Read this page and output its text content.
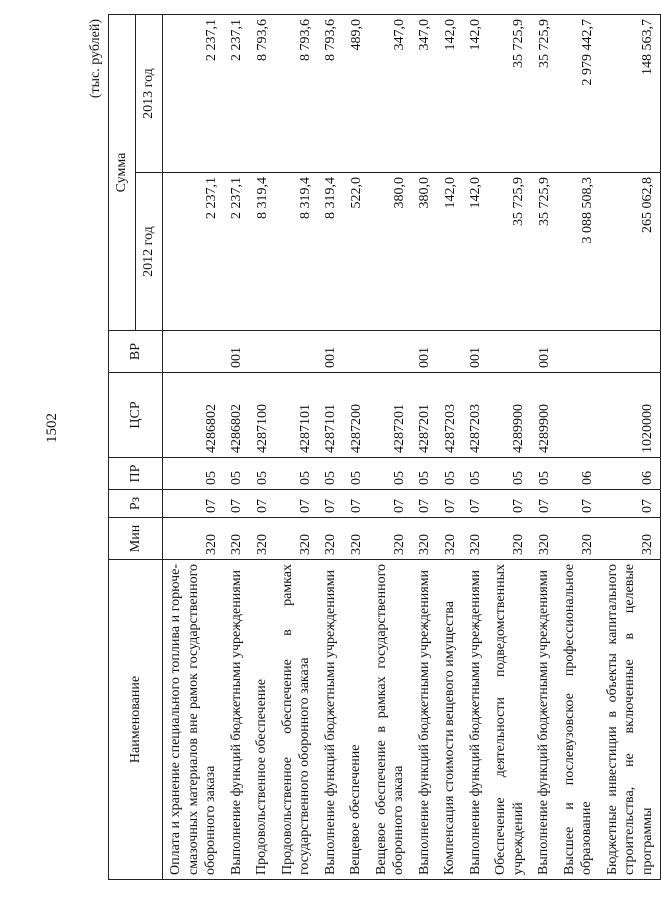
1502
(тыс. рублей)
Наименование	Мин	Рз	ПР	ЦСР	ВР	Сумма	
						2012 год	2013 год
Оплата и хранение специального топлива и горюче-смазочных материалов вне рамок государственного оборонного заказа	320	07	05	4286802		2 237,1	2 237,1
Выполнение функций бюджетными учреждениями	320	07	05	4286802	001	2 237,1	2 237,1
Продовольственное обеспечение	320	07	05	4287100		8 319,4	8 793,6
Продовольственное обеспечение в рамках государственного оборонного заказа	320	07	05	4287101		8 319,4	8 793,6
Выполнение функций бюджетными учреждениями	320	07	05	4287101	001	8 319,4	8 793,6
Вещевое обеспечение	320	07	05	4287200		522,0	489,0
Вещевое обеспечение в рамках государственного оборонного заказа	320	07	05	4287201		380,0	347,0
Выполнение функций бюджетными учреждениями	320	07	05	4287201	001	380,0	347,0
Компенсация стоимости вещевого имущества	320	07	05	4287203		142,0	142,0
Выполнение функций бюджетными учреждениями	320	07	05	4287203	001	142,0	142,0
Обеспечение деятельности подведомственных учреждений	320	07	05	4289900		35 725,9	35 725,9
Выполнение функций бюджетными учреждениями	320	07	05	4289900	001	35 725,9	35 725,9
Высшее и послевузовское профессиональное образование	320	07	06			3 088 508,3	2 979 442,7
Бюджетные инвестиции в объекты капитального строительства, не включенные в целевые программы	320	07	06	1020000		265 062,8	148 563,7
